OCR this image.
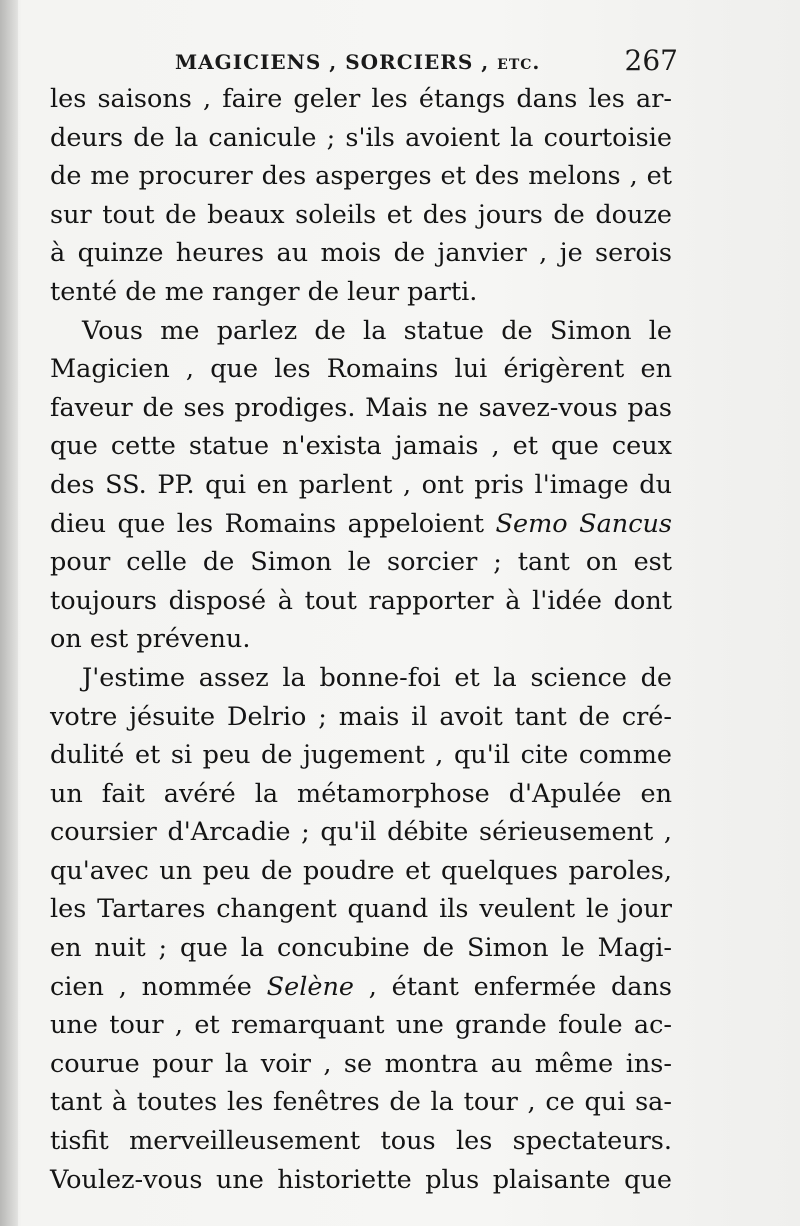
MAGICIENS , SORCIERS , etc.	267
les saisons , faire geler les étangs dans les ar-
deurs de la canicule ; s'ils avoient la courtoisie
de me procurer des asperges et des melons , et
sur tout de beaux soleils et des jours de douze
à quinze heures au mois de janvier , je serois
tenté de me ranger de leur parti.
Vous me parlez de la statue de Simon le
Magicien , que les Romains lui érigèrent en
faveur de ses prodiges. Mais ne savez-vous pas
que cette statue n'exista jamais , et que ceux
des SS. PP. qui en parlent , ont pris l'image du
dieu que les Romains appeloient Semo Sancus
pour celle de Simon le sorcier ; tant on est
toujours disposé à tout rapporter à l'idée dont
on est prévenu.
J'estime assez la bonne-foi et la science de
votre jésuite Delrio ; mais il avoit tant de cré-
dulité et si peu de jugement , qu'il cite comme
un fait avéré la métamorphose d'Apulée en
coursier d'Arcadie ; qu'il débite sérieusement ,
qu'avec un peu de poudre et quelques paroles,
les Tartares changent quand ils veulent le jour
en nuit ; que la concubine de Simon le Magi-
cien , nommée Selène , étant enfermée dans
une tour , et remarquant une grande foule ac-
courue pour la voir , se montra au même ins-
tant à toutes les fenêtres de la tour , ce qui sa-
tisfit merveilleusement tous les spectateurs.
Voulez-vous une historiette plus plaisante que
